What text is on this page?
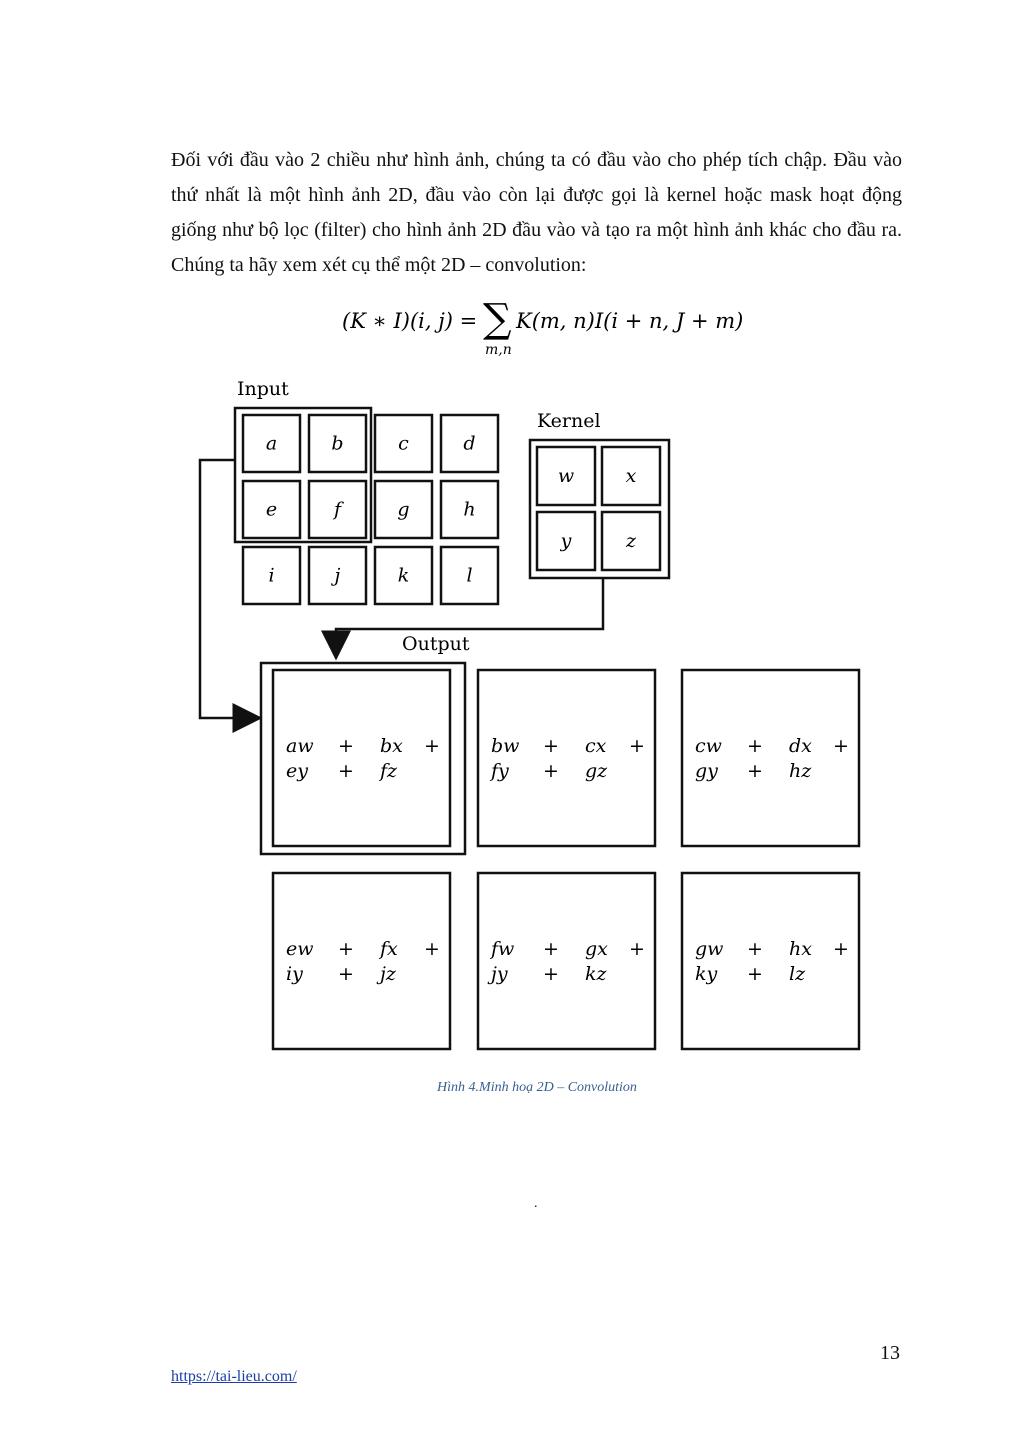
Đối với đầu vào 2 chiều như hình ảnh, chúng ta có đầu vào cho phép tích chập. Đầu vào thứ nhất là một hình ảnh 2D, đầu vào còn lại được gọi là kernel hoặc mask hoạt động giống như bộ lọc (filter) cho hình ảnh 2D đầu vào và tạo ra một hình ảnh khác cho đầu ra. Chúng ta hãy xem xét cụ thể một 2D – convolution:

(K ∗ I)(i, j) = ∑
m,n
K(m, n)I(i + n, J + m)
Input
Kernel
Output
a	b	c	d
e	f	g	h
i	j	k	l
w	x
y	z
aw + bx +
ey + fz
bw + cx +
fy + gz
cw + dx +
gy + hz
ew + fx +
iy + jz
fw + gx +
jy + kz
gw + hx +
ky + lz
Hình 4.Minh hoạ 2D – Convolution
.
13
https://tai-lieu.com/
